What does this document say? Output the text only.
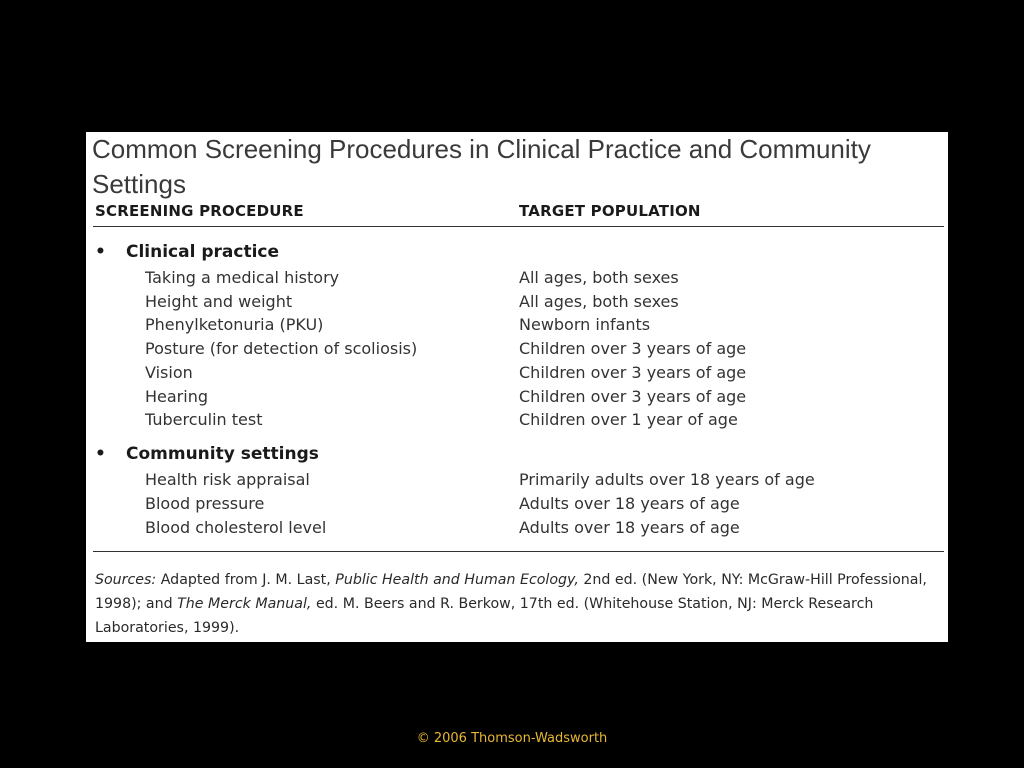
Common Screening Procedures in Clinical Practice and Community Settings
SCREENING PROCEDURE	TARGET POPULATION
• Clinical practice
Taking a medical history	All ages, both sexes
Height and weight	All ages, both sexes
Phenylketonuria (PKU)	Newborn infants
Posture (for detection of scoliosis)	Children over 3 years of age
Vision	Children over 3 years of age
Hearing	Children over 3 years of age
Tuberculin test	Children over 1 year of age
• Community settings
Health risk appraisal	Primarily adults over 18 years of age
Blood pressure	Adults over 18 years of age
Blood cholesterol level	Adults over 18 years of age
Sources: Adapted from J. M. Last, Public Health and Human Ecology, 2nd ed. (New York, NY: McGraw-Hill Professional, 1998); and The Merck Manual, ed. M. Beers and R. Berkow, 17th ed. (Whitehouse Station, NJ: Merck Research Laboratories, 1999).
© 2006 Thomson-Wadsworth
